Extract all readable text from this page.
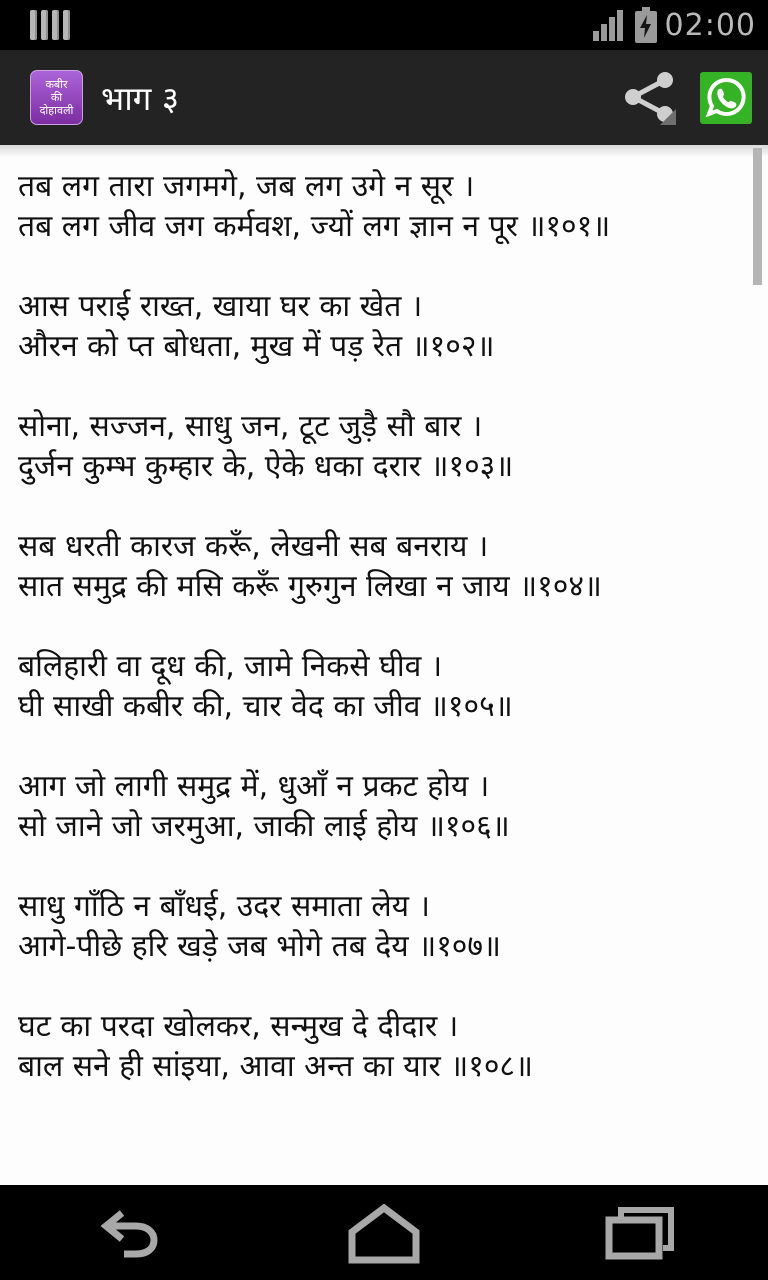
02:00
कबीर
की
दोहावली भाग ३
तब लग तारा जगमगे, जब लग उगे न सूर ।
तब लग जीव जग कर्मवश, ज्यों लग ज्ञान न पूर ॥१०१॥
आस पराई राख्त, खाया घर का खेत ।
औरन को प्त बोधता, मुख में पड़ रेत ॥१०२॥
सोना, सज्जन, साधु जन, टूट जुड़ै सौ बार ।
दुर्जन कुम्भ कुम्हार के, ऐके धका दरार ॥१०३॥
सब धरती कारज करूँ, लेखनी सब बनराय ।
सात समुद्र की मसि करूँ गुरुगुन लिखा न जाय ॥१०४॥
बलिहारी वा दूध की, जामे निकसे घीव ।
घी साखी कबीर की, चार वेद का जीव ॥१०५॥
आग जो लागी समुद्र में, धुआँ न प्रकट होय ।
सो जाने जो जरमुआ, जाकी लाई होय ॥१०६॥
साधु गाँठि न बाँधई, उदर समाता लेय ।
आगे-पीछे हरि खड़े जब भोगे तब देय ॥१०७॥
घट का परदा खोलकर, सन्मुख दे दीदार ।
बाल सने ही सांइया, आवा अन्त का यार ॥१०८॥
